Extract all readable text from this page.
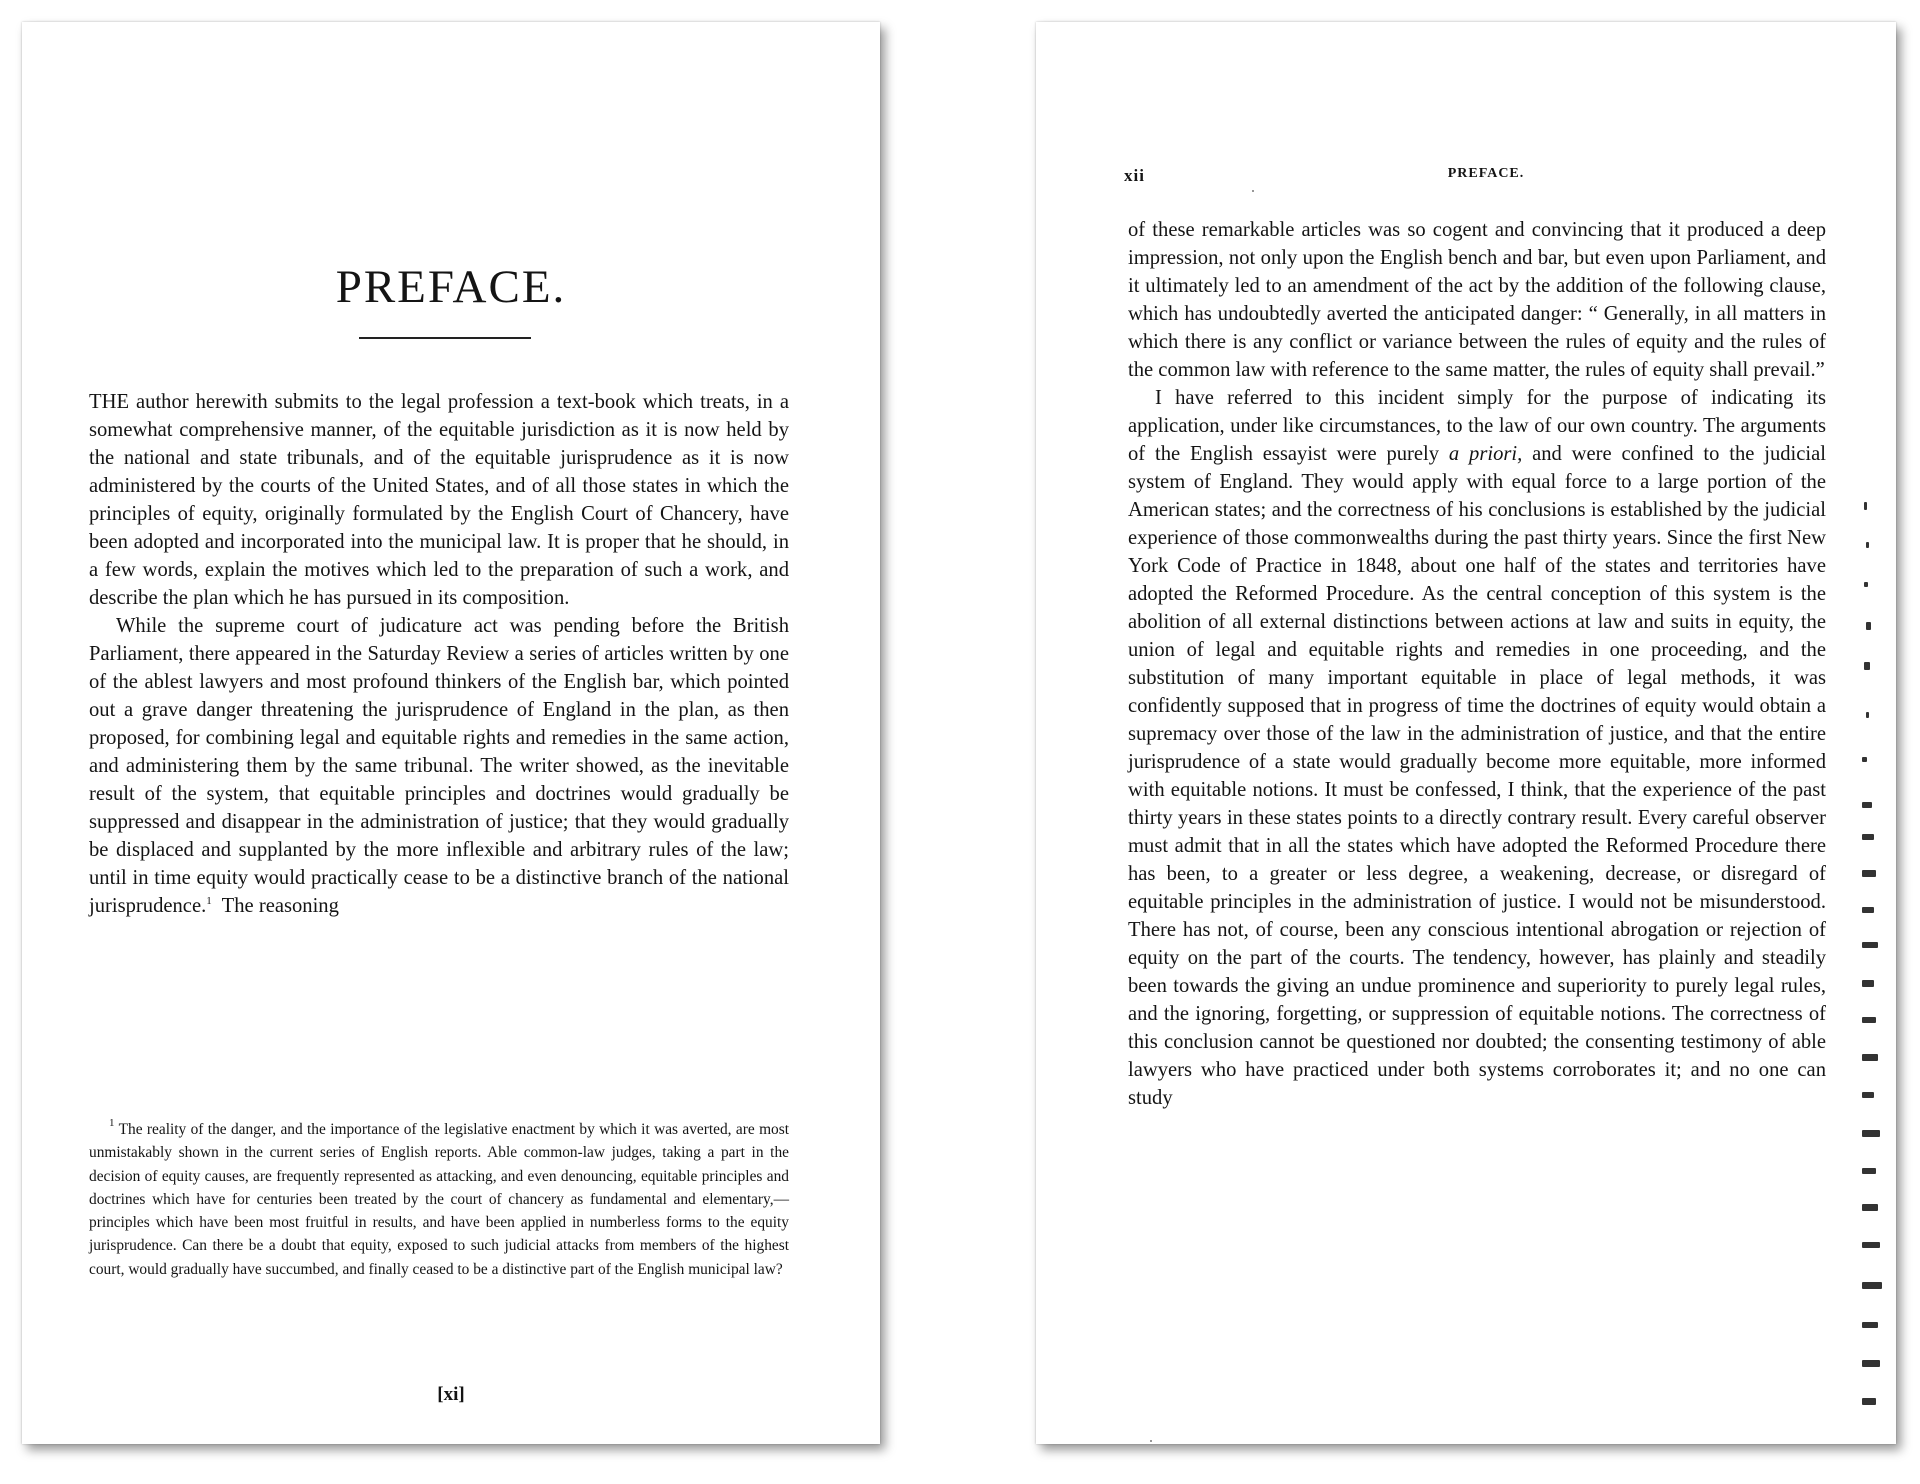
PREFACE.

THE author herewith submits to the legal profession a text-book which treats, in a somewhat comprehensive manner, of the equitable jurisdiction as it is now held by the national and state tribunals, and of the equitable jurisprudence as it is now administered by the courts of the United States, and of all those states in which the principles of equity, originally formulated by the English Court of Chancery, have been adopted and incorporated into the municipal law. It is proper that he should, in a few words, explain the motives which led to the preparation of such a work, and describe the plan which he has pursued in its composition.

While the supreme court of judicature act was pending before the British Parliament, there appeared in the Saturday Review a series of articles written by one of the ablest lawyers and most profound thinkers of the English bar, which pointed out a grave danger threatening the jurisprudence of England in the plan, as then proposed, for combining legal and equitable rights and remedies in the same action, and administering them by the same tribunal. The writer showed, as the inevitable result of the system, that equitable principles and doctrines would gradually be suppressed and disappear in the administration of justice; that they would gradually be displaced and supplanted by the more inflexible and arbitrary rules of the law; until in time equity would practically cease to be a distinctive branch of the national jurisprudence.$^1$ The reasoning

$^1$ The reality of the danger, and the importance of the legislative enactment by which it was averted, are most unmistakably shown in the current series of English reports. Able common-law judges, taking a part in the decision of equity causes, are frequently represented as attacking, and even denouncing, equitable principles and doctrines which have for centuries been treated by the court of chancery as fundamental and elementary,— principles which have been most fruitful in results, and have been applied in numberless forms to the equity jurisprudence. Can there be a doubt that equity, exposed to such judicial attacks from members of the highest court, would gradually have succumbed, and finally ceased to be a distinctive part of the English municipal law?

[xi]
xii	PREFACE.

of these remarkable articles was so cogent and convincing that it produced a deep impression, not only upon the English bench and bar, but even upon Parliament, and it ultimately led to an amendment of the act by the addition of the following clause, which has undoubtedly averted the anticipated danger: “ Generally, in all matters in which there is any conflict or variance between the rules of equity and the rules of the common law with reference to the same matter, the rules of equity shall prevail.”

I have referred to this incident simply for the purpose of indicating its application, under like circumstances, to the law of our own country. The arguments of the English essayist were purely a priori, and were confined to the judicial system of England. They would apply with equal force to a large portion of the American states; and the correctness of his conclusions is established by the judicial experience of those commonwealths during the past thirty years. Since the first New York Code of Practice in 1848, about one half of the states and territories have adopted the Reformed Procedure. As the central conception of this system is the abolition of all external distinctions between actions at law and suits in equity, the union of legal and equitable rights and remedies in one proceeding, and the substitution of many important equitable in place of legal methods, it was confidently supposed that in progress of time the doctrines of equity would obtain a supremacy over those of the law in the administration of justice, and that the entire jurisprudence of a state would gradually become more equitable, more informed with equitable notions. It must be confessed, I think, that the experience of the past thirty years in these states points to a directly contrary result. Every careful observer must admit that in all the states which have adopted the Reformed Procedure there has been, to a greater or less degree, a weakening, decrease, or disregard of equitable principles in the administration of justice. I would not be misunderstood. There has not, of course, been any conscious intentional abrogation or rejection of equity on the part of the courts. The tendency, however, has plainly and steadily been towards the giving an undue prominence and superiority to purely legal rules, and the ignoring, forgetting, or suppression of equitable notions. The correctness of this conclusion cannot be questioned nor doubted; the consenting testimony of able lawyers who have practiced under both systems corroborates it; and no one can study
